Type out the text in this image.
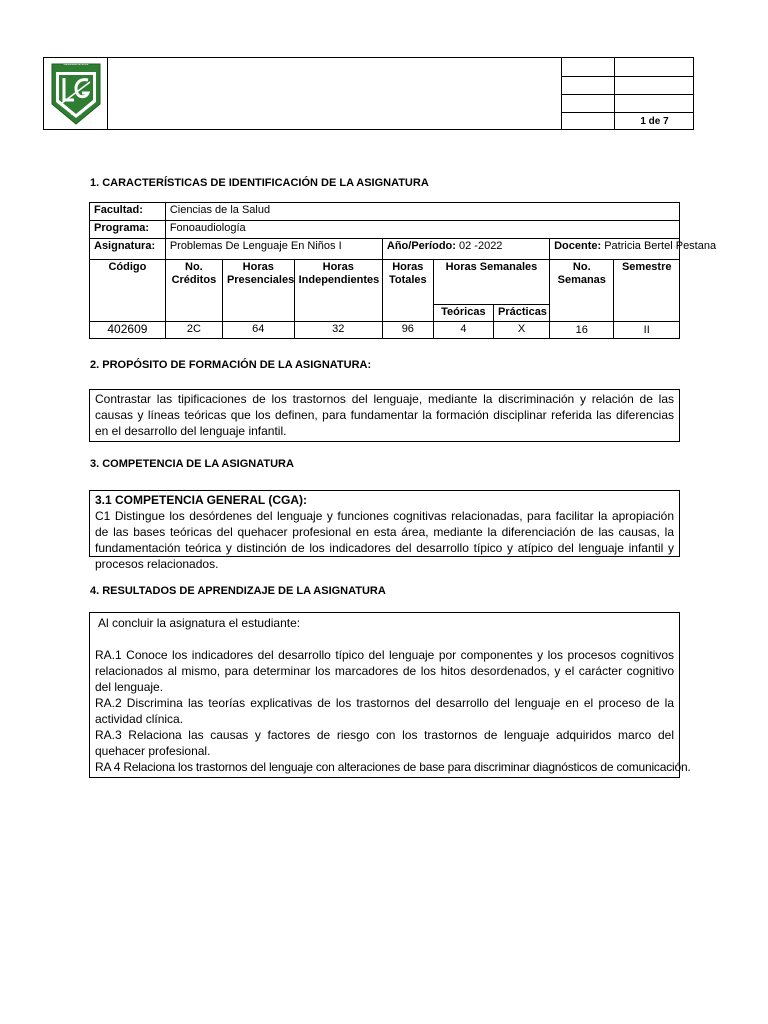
UNIVERSIDAD DE SUCRE
SINCELEJO
1 de 7
1. CARACTERÍSTICAS DE IDENTIFICACIÓN DE LA ASIGNATURA
Facultad:	Ciencias de la Salud							
Programa:	Fonoaudiología							
Asignatura:	Problemas De Lenguaje En Niños I			Año/Período: 02 -2022			Docente: Patricia Bertel Pestana	
Código	No. Créditos	Horas Presenciales	Horas Independientes	Horas Totales	Horas Semanales		No. Semanas	Semestre
					Teóricas	Prácticas		
402609	2C	64	32	96	4	X	16	II
2. PROPÓSITO DE FORMACIÓN DE LA ASIGNATURA:

Contrastar las tipificaciones de los trastornos del lenguaje, mediante la discriminación y relación de las causas y líneas teóricas que los definen, para fundamentar la formación disciplinar referida las diferencias en el desarrollo del lenguaje infantil.

3. COMPETENCIA DE LA ASIGNATURA

3.1 COMPETENCIA GENERAL (CGA):

C1 Distingue los desórdenes del lenguaje y funciones cognitivas relacionadas, para facilitar la apropiación de las bases teóricas del quehacer profesional en esta área, mediante la diferenciación de las causas, la fundamentación teórica y distinción de los indicadores del desarrollo típico y atípico del lenguaje infantil y procesos relacionados.

4. RESULTADOS DE APRENDIZAJE DE LA ASIGNATURA

Al concluir la asignatura el estudiante:

RA.1 Conoce los indicadores del desarrollo típico del lenguaje por componentes y los procesos cognitivos relacionados al mismo, para determinar los marcadores de los hitos desordenados, y el carácter cognitivo del lenguaje.

RA.2 Discrimina las teorías explicativas de los trastornos del desarrollo del lenguaje en el proceso de la actividad clínica.

RA.3 Relaciona las causas y factores de riesgo con los trastornos de lenguaje adquiridos marco del quehacer profesional.

RA 4 Relaciona los trastornos del lenguaje con alteraciones de base para discriminar diagnósticos de comunicación.
